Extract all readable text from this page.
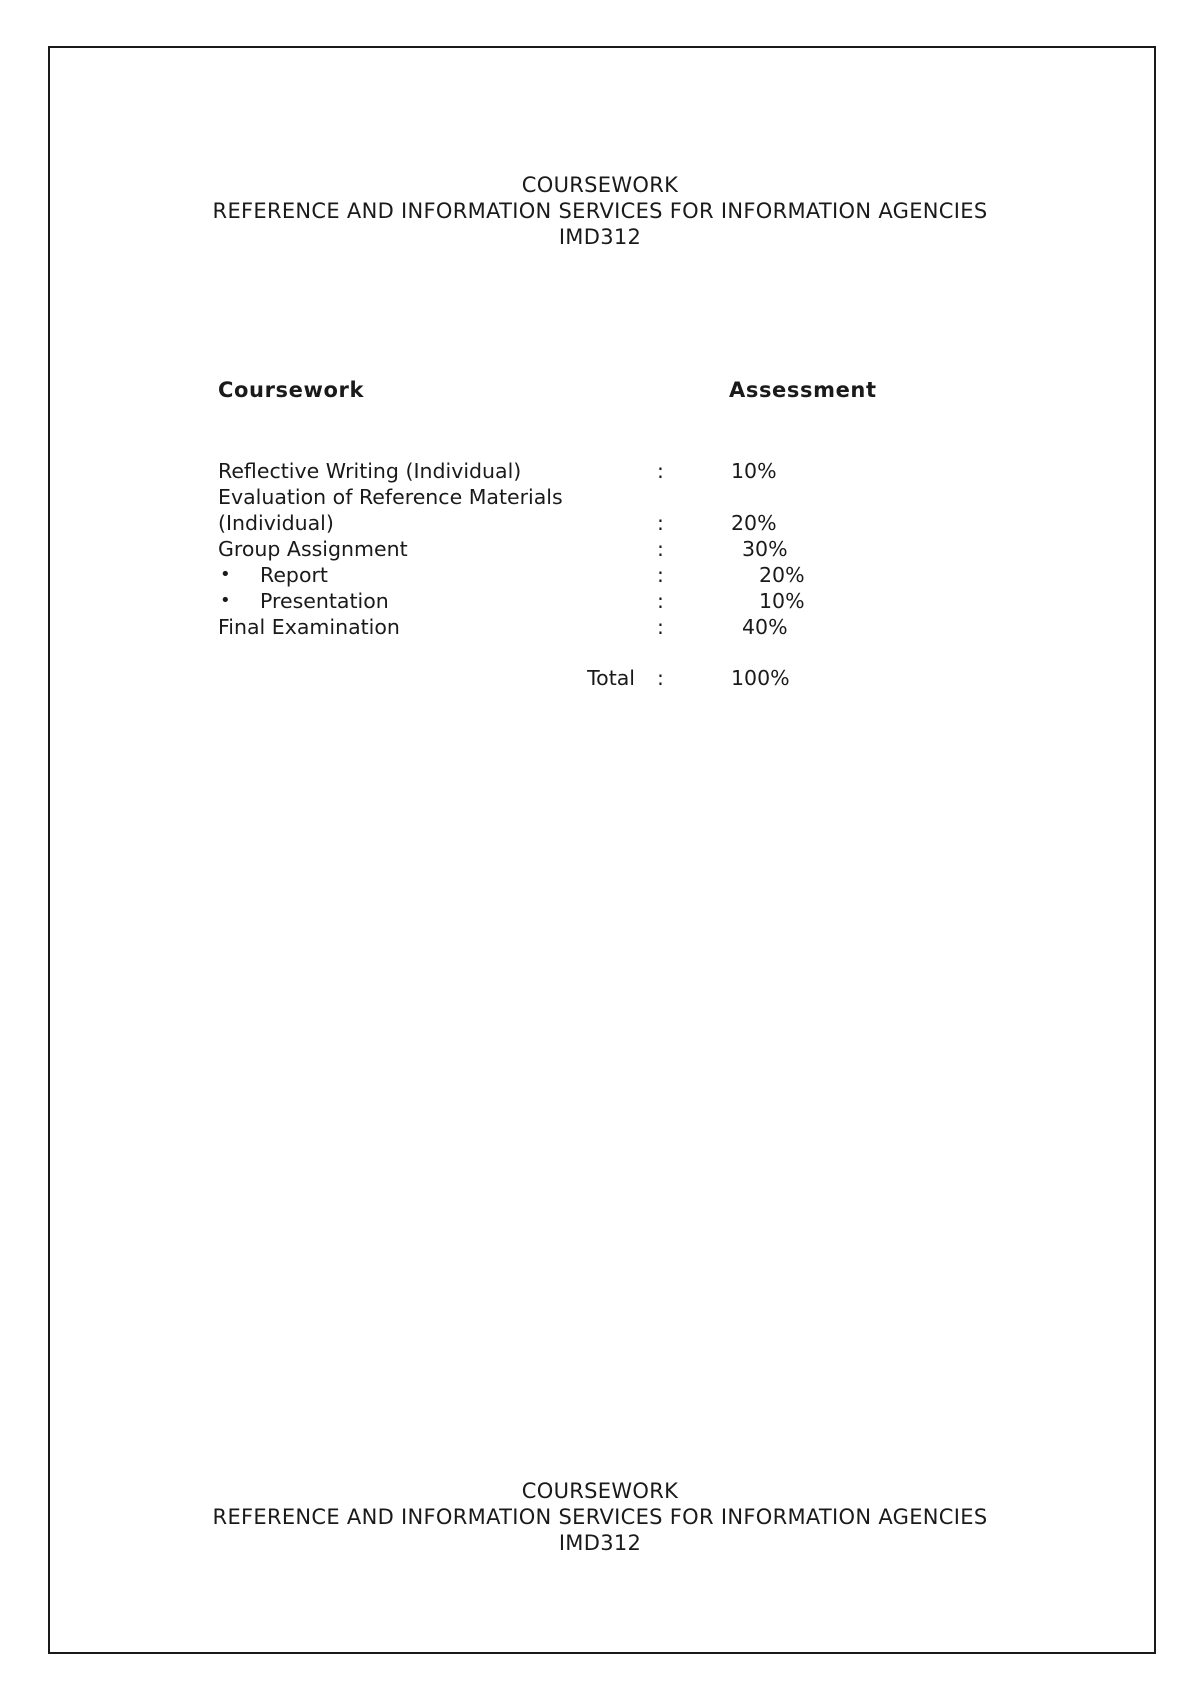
COURSEWORK
REFERENCE AND INFORMATION SERVICES FOR INFORMATION AGENCIES
IMD312
Coursework	Assessment
Reflective Writing (Individual)	:	10%
Evaluation of Reference Materials
(Individual)	:	20%
Group Assignment	:	30%
• Report	:	20%
• Presentation	:	10%
Final Examination	:	40%
Total :	100%
COURSEWORK
REFERENCE AND INFORMATION SERVICES FOR INFORMATION AGENCIES
IMD312
